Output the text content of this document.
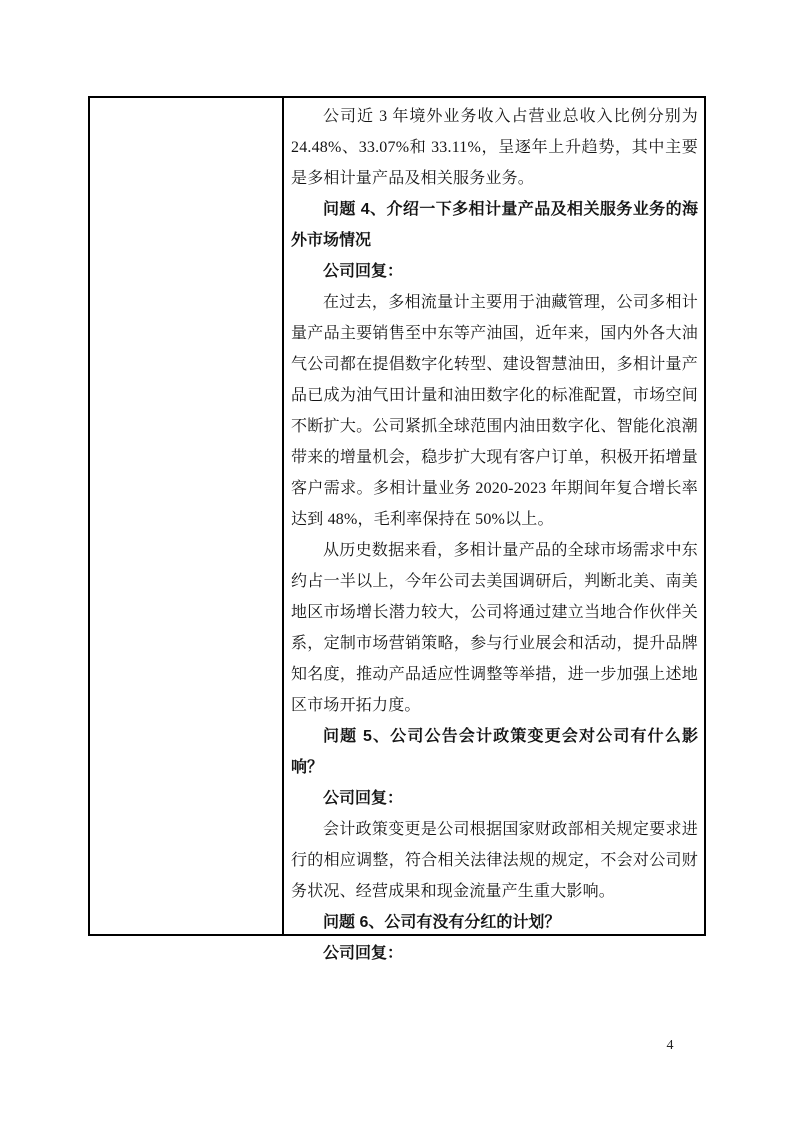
公司近 3 年境外业务收入占营业总收入比例分别为 24.48%、33.07%和 33.11%，呈逐年上升趋势，其中主要是多相计量产品及相关服务业务。
问题 4、介绍一下多相计量产品及相关服务业务的海外市场情况
公司回复：
在过去，多相流量计主要用于油藏管理，公司多相计量产品主要销售至中东等产油国，近年来，国内外各大油气公司都在提倡数字化转型、建设智慧油田，多相计量产品已成为油气田计量和油田数字化的标准配置，市场空间不断扩大。公司紧抓全球范围内油田数字化、智能化浪潮带来的增量机会，稳步扩大现有客户订单，积极开拓增量客户需求。多相计量业务 2020-2023 年期间年复合增长率达到 48%，毛利率保持在 50%以上。
从历史数据来看，多相计量产品的全球市场需求中东约占一半以上，今年公司去美国调研后，判断北美、南美地区市场增长潜力较大，公司将通过建立当地合作伙伴关系，定制市场营销策略，参与行业展会和活动，提升品牌知名度，推动产品适应性调整等举措，进一步加强上述地区市场开拓力度。
问题 5、公司公告会计政策变更会对公司有什么影响？
公司回复：
会计政策变更是公司根据国家财政部相关规定要求进行的相应调整，符合相关法律法规的规定，不会对公司财务状况、经营成果和现金流量产生重大影响。
问题 6、公司有没有分红的计划？
公司回复：
4
